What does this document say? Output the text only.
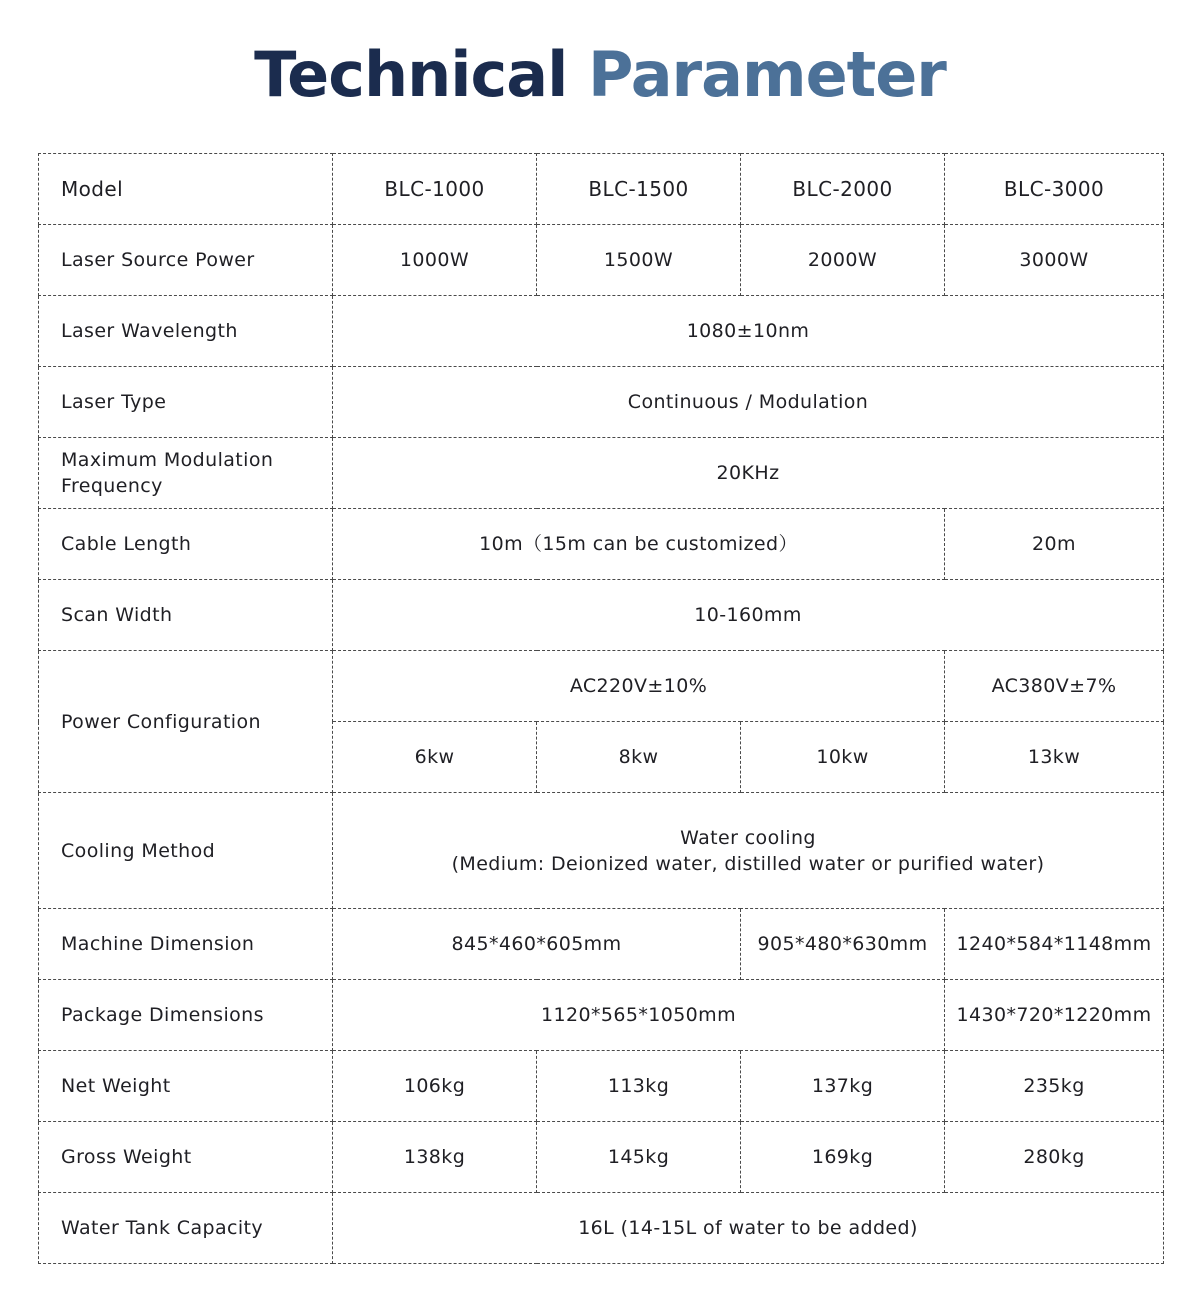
Technical Parameter
Model	BLC-1000	BLC-1500	BLC-2000	BLC-3000
Laser Source Power	1000W	1500W	2000W	3000W
Laser Wavelength	1080±10nm			
Laser Type	Continuous / Modulation			
Maximum Modulation Frequency	20KHz			
Cable Length	10m（15m can be customized）			20m
Scan Width	10-160mm			
Power Configuration	AC220V±10%			AC380V±7%
	6kw	8kw	10kw	13kw
Cooling Method	Water cooling
(Medium: Deionized water, distilled water or purified water)			

Machine Dimension	845*460*605mm		905*480*630mm	1240*584*1148mm
Package Dimensions	1120*565*1050mm			1430*720*1220mm
Net Weight	106kg	113kg	137kg	235kg
Gross Weight	138kg	145kg	169kg	280kg
Water Tank Capacity	16L (14-15L of water to be added)			
